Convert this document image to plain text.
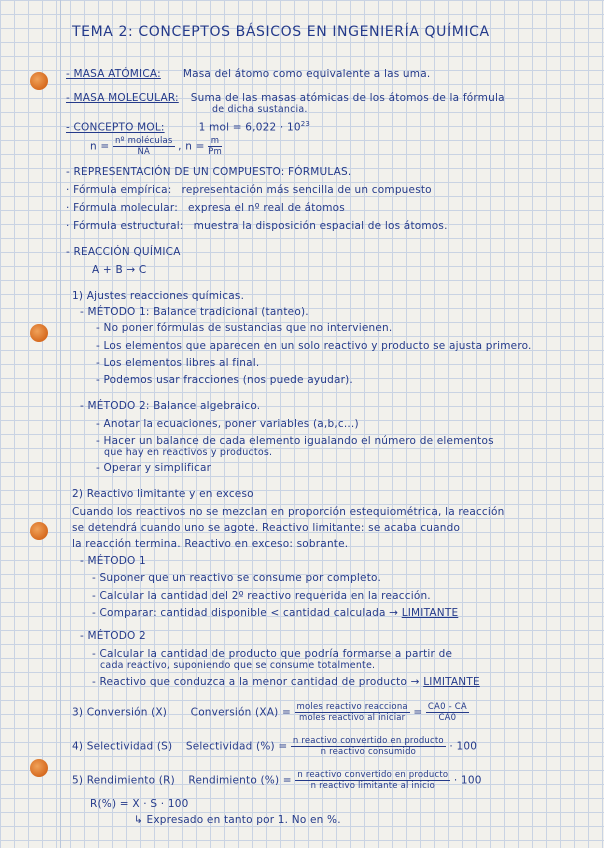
TEMA 2: CONCEPTOS BÁSICOS EN INGENIERÍA QUÍMICA
- MASA ATÓMICA: Masa del átomo como equivalente a las uma.
- MASA MOLECULAR: Suma de las masas atómicas de los átomos de la fórmula
de dicha sustancia.
- CONCEPTO MOL:	1 mol = $6,022 \cdot 10^{23}$
$n = \frac{\text{nº moléculas}}{NA}$ , $n = \frac{m}{Pm}$
- REPRESENTACIÓN DE UN COMPUESTO: FÓRMULAS.
· Fórmula empírica: representación más sencilla de un compuesto
· Fórmula molecular: expresa el nº real de átomos
· Fórmula estructural: muestra la disposición espacial de los átomos.
- REACCIÓN QUÍMICA
A + B → C
1) Ajustes reacciones químicas.
- MÉTODO 1: Balance tradicional (tanteo).
- No poner fórmulas de sustancias que no intervienen.
- Los elementos que aparecen en un solo reactivo y producto se ajusta primero.
- Los elementos libres al final.
- Podemos usar fracciones (nos puede ayudar).
- MÉTODO 2: Balance algebraico.
- Anotar la ecuaciones, poner variables (a,b,c...)
- Hacer un balance de cada elemento igualando el número de elementos
que hay en reactivos y productos.
- Operar y simplificar
2) Reactivo limitante y en exceso
Cuando los reactivos no se mezclan en proporción estequiométrica, la reacción
se detendrá cuando uno se agote. Reactivo limitante: se acaba cuando
la reacción termina. Reactivo en exceso: sobrante.
- MÉTODO 1
- Suponer que un reactivo se consume por completo.
- Calcular la cantidad del 2º reactivo requerida en la reacción.
- Comparar: cantidad disponible < cantidad calculada → LIMITANTE
- MÉTODO 2
- Calcular la cantidad de producto que podría formarse a partir de
cada reactivo, suponiendo que se consume totalmente.
- Reactivo que conduzca a la menor cantidad de producto → LIMITANTE
3) Conversión (X) Conversión $(XA) = \frac{\text{moles reactivo reacciona}}{\text{moles reactivo al iniciar}} = \frac{CA0 - CA}{CA0}$
4) Selectividad (S) Selectividad (%) = $\frac{\text{n reactivo convertido en producto}}{\text{n reactivo consumido}} \cdot 100$
5) Rendimiento (R) Rendimiento (%) = $\frac{\text{n reactivo convertido en producto}}{\text{n reactivo limitante al inicio}} \cdot 100$
R(%) = X · S · 100
↳ Expresado en tanto por 1. No en %.
